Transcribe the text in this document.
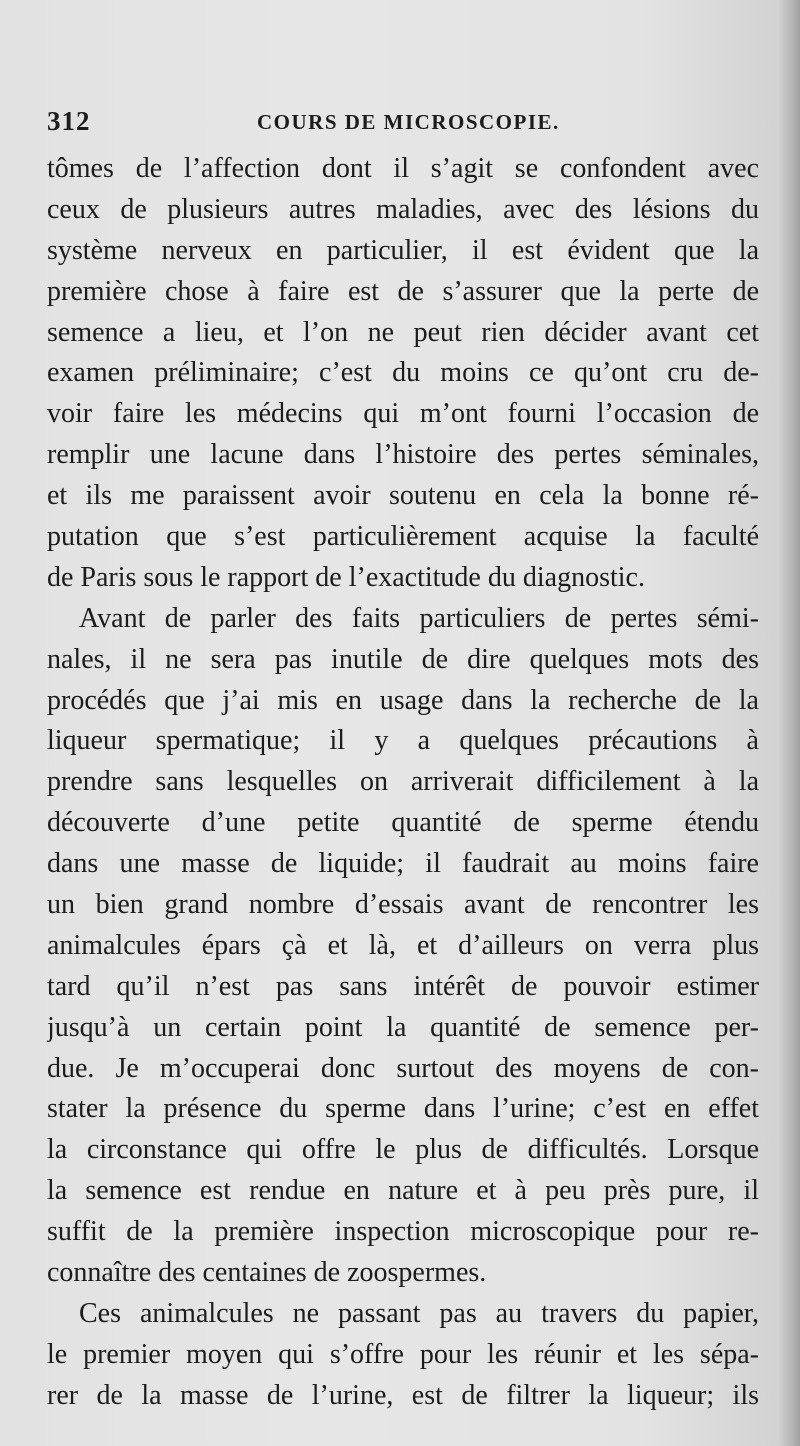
312	COURS DE MICROSCOPIE.
tômes de l’affection dont il s’agit se confondent avec
ceux de plusieurs autres maladies, avec des lésions du
système nerveux en particulier, il est évident que la
première chose à faire est de s’assurer que la perte de
semence a lieu, et l’on ne peut rien décider avant cet
examen préliminaire; c’est du moins ce qu’ont cru de-
voir faire les médecins qui m’ont fourni l’occasion de
remplir une lacune dans l’histoire des pertes séminales,
et ils me paraissent avoir soutenu en cela la bonne ré-
putation que s’est particulièrement acquise la faculté
de Paris sous le rapport de l’exactitude du diagnostic.
Avant de parler des faits particuliers de pertes sémi-
nales, il ne sera pas inutile de dire quelques mots des
procédés que j’ai mis en usage dans la recherche de la
liqueur spermatique; il y a quelques précautions à
prendre sans lesquelles on arriverait difficilement à la
découverte d’une petite quantité de sperme étendu
dans une masse de liquide; il faudrait au moins faire
un bien grand nombre d’essais avant de rencontrer les
animalcules épars çà et là, et d’ailleurs on verra plus
tard qu’il n’est pas sans intérêt de pouvoir estimer
jusqu’à un certain point la quantité de semence per-
due. Je m’occuperai donc surtout des moyens de con-
stater la présence du sperme dans l’urine; c’est en effet
la circonstance qui offre le plus de difficultés. Lorsque
la semence est rendue en nature et à peu près pure, il
suffit de la première inspection microscopique pour re-
connaître des centaines de zoospermes.
Ces animalcules ne passant pas au travers du papier,
le premier moyen qui s’offre pour les réunir et les sépa-
rer de la masse de l’urine, est de filtrer la liqueur; ils
